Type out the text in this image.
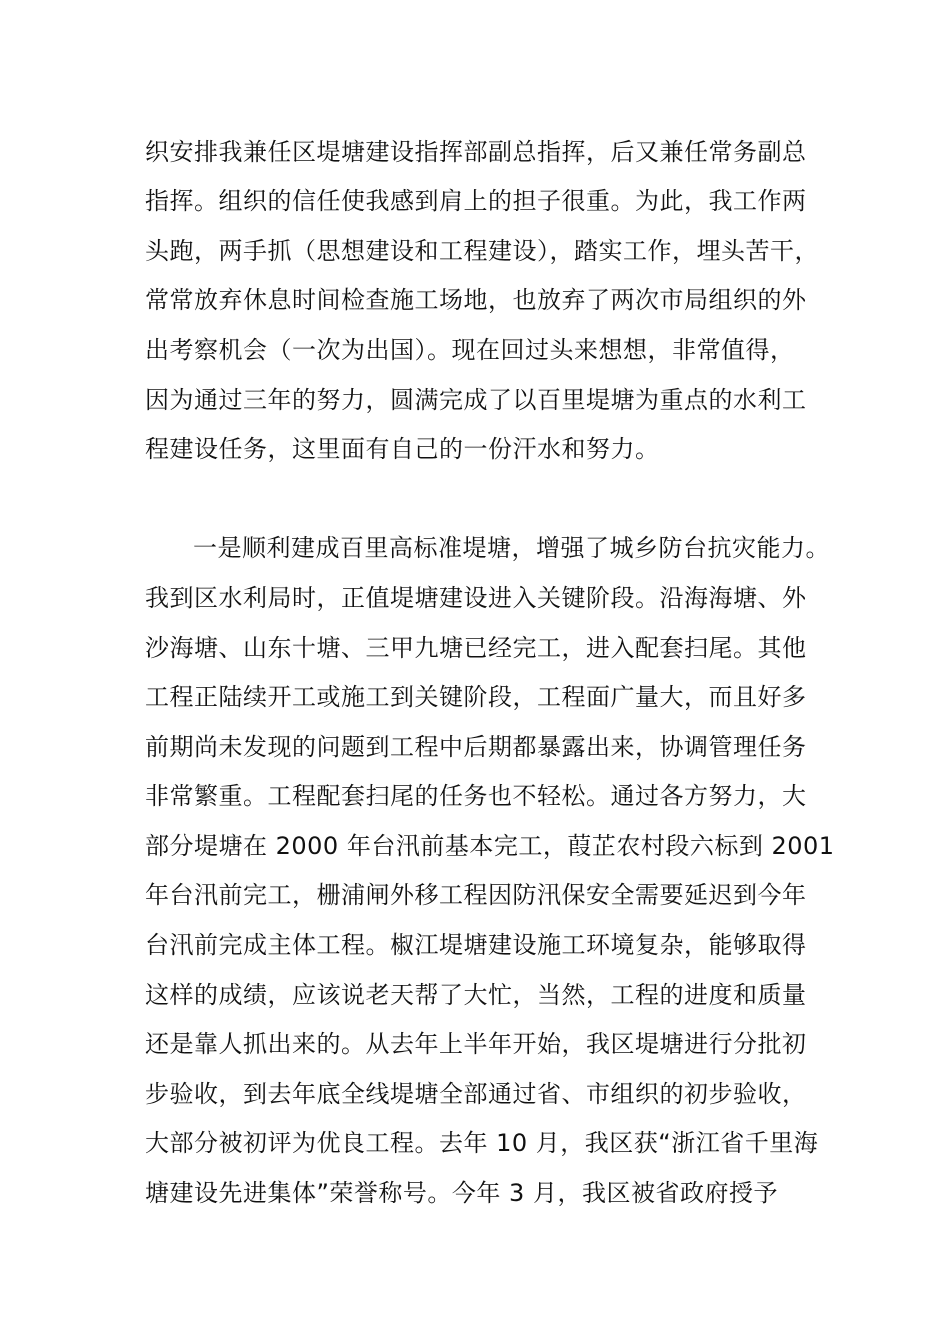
织安排我兼任区堤塘建设指挥部副总指挥，后又兼任常务副总
指挥。组织的信任使我感到肩上的担子很重。为此，我工作两
头跑，两手抓（思想建设和工程建设），踏实工作，埋头苦干，
常常放弃休息时间检查施工场地，也放弃了两次市局组织的外
出考察机会（一次为出国）。现在回过头来想想，非常值得，
因为通过三年的努力，圆满完成了以百里堤塘为重点的水利工
程建设任务，这里面有自己的一份汗水和努力。
一是顺利建成百里高标准堤塘，增强了城乡防台抗灾能力。
我到区水利局时，正值堤塘建设进入关键阶段。沿海海塘、外
沙海塘、山东十塘、三甲九塘已经完工，进入配套扫尾。其他
工程正陆续开工或施工到关键阶段，工程面广量大，而且好多
前期尚未发现的问题到工程中后期都暴露出来，协调管理任务
非常繁重。工程配套扫尾的任务也不轻松。通过各方努力，大
部分堤塘在 2000 年台汛前基本完工，葭芷农村段六标到 2001
年台汛前完工，栅浦闸外移工程因防汛保安全需要延迟到今年
台汛前完成主体工程。椒江堤塘建设施工环境复杂，能够取得
这样的成绩，应该说老天帮了大忙，当然，工程的进度和质量
还是靠人抓出来的。从去年上半年开始，我区堤塘进行分批初
步验收，到去年底全线堤塘全部通过省、市组织的初步验收，
大部分被初评为优良工程。去年 10 月，我区获“浙江省千里海
塘建设先进集体”荣誉称号。今年 3 月，我区被省政府授予
